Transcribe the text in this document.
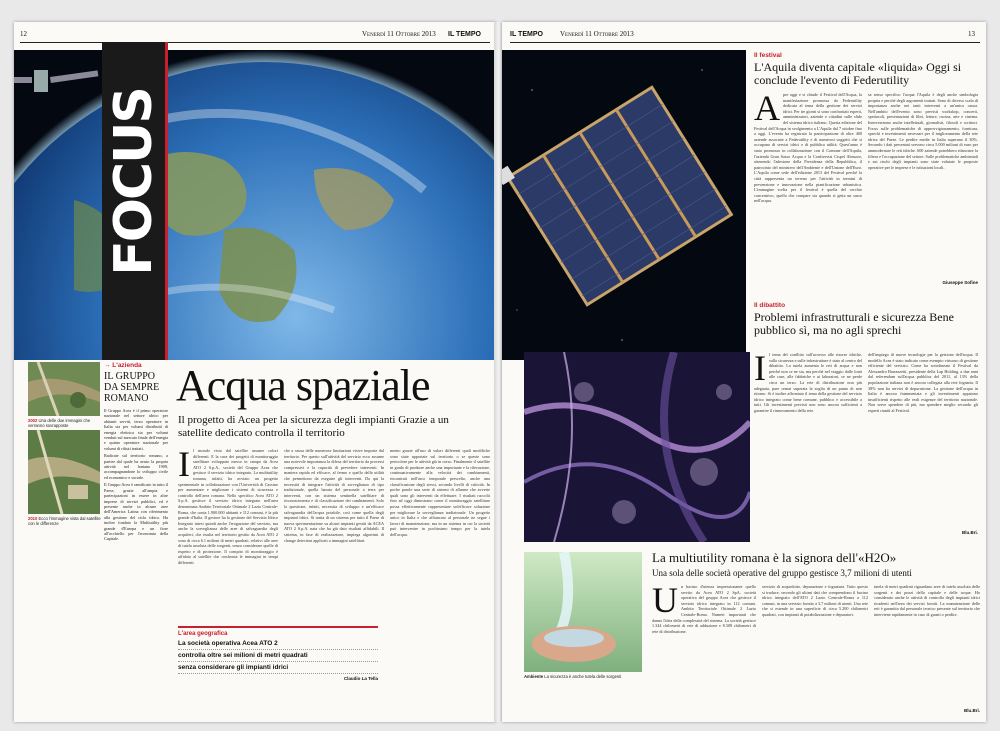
12	Venerdì 11 Ottobre 2013 IL TEMPO
FOCUS
2002 Una delle due immagini che verranno sovrapposte
2010 Ecco l'immagine vista dal satellite con le differenze
→ L'azienda
IL GRUPPO DA SEMPRE ROMANO

Il Gruppo Acea è il primo operatore nazionale nel settore idrico per abitanti serviti, terzo operatore in Italia sia per volumi distribuiti di energia elettrica sia per volumi venduti sul mercato finale dell'energia e quinto operatore nazionale per volumi di rifiuti trattati.

Radicate sul territorio romano, a partire dal quale ha avuto la propria attività nel lontano 1909, accompagnandone lo sviluppo civile ed economico e sociale.

Il Gruppo Acea è ramificato in tutto il Paese, grazie all'ampia e partecipazioni in essere in altre imprese di servizi pubblici, ed è presente anche in alcune aree dell'America Latina con riferimento alla gestione del ciclo idrico. Ha inoltre fondato la Multiutility più grande d'Europa e un fiore all'occhiello per l'economia della Capitale.

Acqua spaziale
Il progetto di Acea per la sicurezza degli impianti Grazie a un satellite dedicato controlla il territorio
Il mondo visto dal satellite assume colori differenti. E la cura dei progetti di monitoraggio satellitare sviluppato messo in campo da Acea ATO 2 S.p.A., società del Gruppo Acea che gestisce il servizio idrico integrato. La multiutility romana, infatti, ha avviato un progetto sperimentale in collaborazione con l'Università di Cassino per aumentare e migliorare i sistemi di sicurezza e controllo dell'area romana. Nello specifico Acea ATO 2 S.p.A. gestisce il servizio idrico integrato nell'area denominata Ambito Territoriale Ottimale 2 Lazio Centrale-Roma, che conta 1.900.000 abitanti e 112 comuni, è la più grande d'Italia. Il gestore ha la gestione del Servizio Idrico Integrato intesi quindi anche l'erogazione del servizio, ma anche la sorveglianza delle aree di salvaguardia degli acquiferi, che risulta nel territorio gestito da Acea ATO 2 sono di circa 6.1 milioni di metri quadrati, relativi alle aree di tutela assoluta delle sorgenti, senza considerare quelle di rispetto e di protezione. Il compito di monitoraggio è affidato al satellite che confronta le immagini in tempi differenti.
che a causa delle numerose limitazioni visive imposte dal territorio. Per questo sull'attività del servizio ecco assume una notevole importanza la difesa del territorio da processi compressivi e la capacità di prevedere interventi. In maniera rapida ed efficace, al fermo e quello della utilità che permettono da eseguire gli interventi. Da qui la necessità di integrare l'attività di sorveglianza di tipo tradizionale, quella basata del personale a terra per interventi, con un sistema sentinella satellitare di riconoscimento e di classificazione dei cambiamenti. Solo la questione, infatti, necessita di sviluppo e un'efficace salvaguardia dell'acqua potabile, così come quella degli impianti idrici. Si tratta di un sistema per tutto il Paese di nuova sperimentazione su alcuni impianti gestiti da ACEA ATO 2 S.p.A. nata che ha già dato risultati affidabili. Il sistema, in fase di realizzazione, impiega algoritmi di change detection applicati a immagini satellitari.
mento grazie all'uso di valori differenti quali modifiche sono state apportate sul territorio o se queste sono pericolose per le attività già in corso. Finalmente il satellite in grado di produrre anche una importante e la rilevazione, continuativamente alla velocità dei cambiamenti, riscontrati nell'arco temporale prescelto, anche una classificazione degli stessi, secondo livelli di criticità. In poche parole una serie di sistemi di allarme che avverte quali sono gli interventi da effettuare. I risultati raccolti fino ad oggi dimostrano come il monitoraggio satellitare possa effettivamente rappresentare un'efficace soluzione per migliorare la sorveglianza tradizionale. Un progetto unico in Italia e che affiancato al personale ne segue i lavori di manutenzione, ma in un sistema in cui la società può intervenire in pochissimo tempo per la tutela dell'acqua.
L'area geografica
La società operativa Acea ATO 2
controlla oltre sei milioni di metri quadrati
senza considerare gli impianti idrici
Claudio La Tella
IL TEMPO Venerdì 11 Ottobre 2013	13
Il festival
L'Aquila diventa capitale «liquida» Oggi si conclude l'evento di Federutility
Apre oggi e si chiude il Festival dell'Acqua, la manifestazione promossa da Federutility dedicata al tema della gestione dei servizi idrici. Per tre giorni si sono confrontati esperti, amministratori, aziende e cittadini sulle sfide del sistema idrico italiano. Questa edizione del Festival dell'Acqua in svolgimento a L'Aquila dal 7 ottobre fino a oggi. L'evento ha registrato la partecipazione di oltre 400 aziende associate a Federutility e di numerosi soggetti che si occupano di servizi idrici e di pubblica utilità. Quest'anno è stato promosso in collaborazione con il Comune dell'Aquila, l'azienda Gran Sasso Acqua e la Confservizi Cispel Abruzzo, ottenendo l'adesione della Presidenza della Repubblica, il patrocinio del ministero dell'Ambiente e dell'Unione dell'Euro. L'Aquila come sede dell'edizione 2013 del Festival perché la città rappresenta un terreno per l'attività in termini di prevenzione e innovazione nella pianificazione urbanistica. L'immagine scelta per il festival è quella del cerchio concentrico, quello che compare sia quando si getta un sasso nell'acqua.
sa senso specifico l'acqua l'Aquila è degli anche simbologia propria e perché degli argomenti trattati. Sono di diverso scala di importanza anche nei tanti interventi a un'unica causa. Nell'ambito dell'evento sono previsti workshop, concerti, spettacoli, presentazioni di libri, letture, cucina, arte e cinema. Interverranno anche intellettuali, giornalisti, filosofi e scrittori. Focus sulle problematiche di approvvigionamento, fornitura, sprechi e investimenti necessari per il miglioramento della rete idrica del Paese. Le perdite medie in Italia superano il 30%. Secondo i dati presentati servono circa 5.000 milioni di euro per ammodernare le reti idriche. 600 aziende potrebbero rilanciare la filiera e l'occupazione del settore. Sulle problematiche ambientali e sui rischi degli impianti sono state valutate le proposte operative per le imprese e le istituzioni locali.
Giuseppe Sofine
Il dibattito
Problemi infrastrutturali e sicurezza Bene pubblico sì, ma no agli sprechi
Il tema del conflitto sull'accesso alle risorse idriche, sulla sicurezza e sulle infrastrutture è stato al centro del dibattito. La tutela aumenta le reti di acqua e non perché non ce ne sia, ma perché nel viaggio dalle fonti alle case, alle fabbriche e ai laboratori, se ne perde circa un terzo. La rete di distribuzione non più adeguata, pare ormai superata la soglia di un punto di non ritorno. Si è inoltre affrontato il tema della gestione del servizio idrico integrato come bene comune, pubblico e accessibile a tutti. Gli investimenti previsti non sono ancora sufficienti a garantire il rinnovamento della rete.
dell'impiego di nuove tecnologie per la gestione dell'acqua. Il modello Acea è stato indicato come esempio virtuoso di gestione efficiente del servizio. Come ha sottolineato il Festival da Alessandro Barrazzetti, presidente della Lap Holding, a due anni dal referendum sull'acqua pubblica del 2011, al 13% della popolazione italiana non è ancora collegata alla rete fognaria. Il 38% non ha servizi di depurazione. La gestione dell'acqua in Italia è ancora frammentata e gli investimenti appaiono insufficienti rispetto alle reali esigenze del territorio nazionale. Non serve spendere di più, ma spendere meglio secondo gli esperti riuniti al Festival.
Blu.Bri.
La multiutility romana è la signora dell'«H2O»
Una sola delle società operative del gruppo gestisce 3,7 milioni di utenti
Ambiente La sicurezza è anche tutela delle sorgenti
Un bacino d'utenza impressionante quello servito da Acea ATO 2 SpA, società operativa del gruppo Acea che gestisce il servizio idrico integrato in 112 comuni. Ambito Territoriale Ottimale 2 Lazio Centrale-Roma. Numeri importanti che danno l'idea della complessità del sistema. La società gestisce 1.344 chilometri di rete di adduzione e 8.308 chilometri di rete di distribuzione.
servizio di acquedotto, depurazione e fognatura. Tutto questo si traduce, secondo gli ultimi dati che comprendono il bacino idrico integrato dell'ATO 2 Lazio Centrale-Roma a 112 comuni, in una servizio fornito a 3,7 milioni di utenti. Una rete che si estende in una superficie di circa 5.200 chilometri quadrati, con impianti di potabilizzazione e depuratori.
tutela di metri quadrati riguardano aree di tutela assoluta delle sorgenti e dei pozzi della capitale e delle acque. Ho considerato anche le attività di controllo degli impianti idrici ricadenti nell'area dei servizi forniti. La manutenzione delle reti è garantita dal personale tecnico presente sul territorio che interviene rapidamente in caso di guasti o perdite.
Blu.Bri.
